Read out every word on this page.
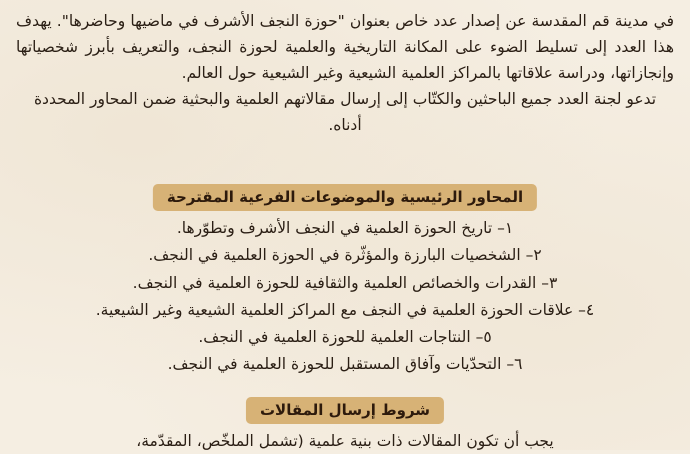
في مدينة قم المقدسة عن إصدار عدد خاص بعنوان "حوزة النجف الأشرف في ماضيها وحاضرها". يهدف هذا العدد إلى تسليط الضوء على المكانة التاريخية والعلمية لحوزة النجف، والتعريف بأبرز شخصياتها وإنجازاتها، ودراسة علاقاتها بالمراكز العلمية الشيعية وغير الشيعية حول العالم.

تدعو لجنة العدد جميع الباحثين والكتّاب إلى إرسال مقالاتهم العلمية والبحثية ضمن المحاور المحددة أدناه.

المحاور الرئيسية والموضوعات الفرعية المقترحة
١– تاريخ الحوزة العلمية في النجف الأشرف وتطوّرها.
٢– الشخصيات البارزة والمؤثّرة في الحوزة العلمية في النجف.
٣– القدرات والخصائص العلمية والثقافية للحوزة العلمية في النجف.
٤– علاقات الحوزة العلمية في النجف مع المراكز العلمية الشيعية وغير الشيعية.
٥– النتاجات العلمية للحوزة العلمية في النجف.
٦– التحدّيات وآفاق المستقبل للحوزة العلمية في النجف.
شروط إرسال المقالات
يجب أن تكون المقالات ذات بنية علمية (تشمل الملخّص، المقدّمة،
